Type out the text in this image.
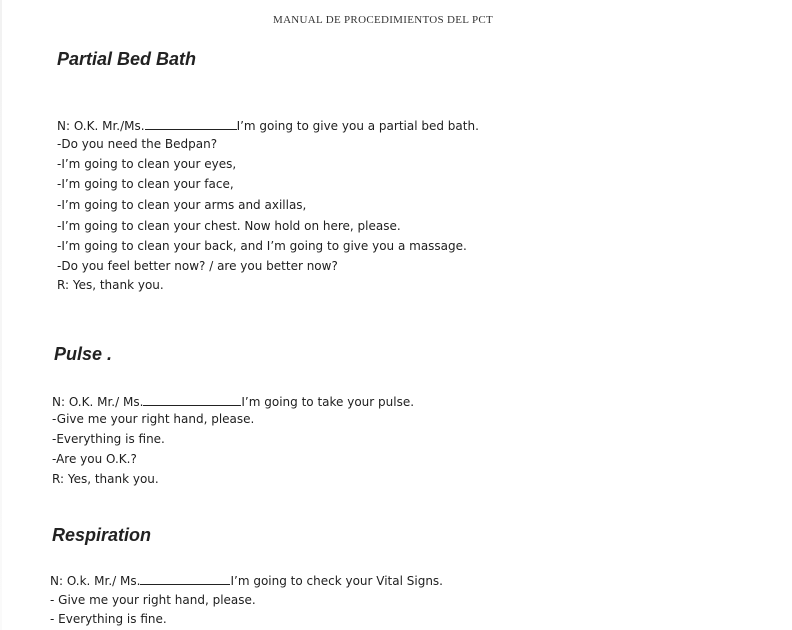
MANUAL DE PROCEDIMIENTOS DEL PCT
Partial Bed Bath
N: O.K. Mr./Ms.	I’m going to give you a partial bed bath.
-Do you need the Bedpan?
-I’m going to clean your eyes,
-I’m going to clean your face,
-I’m going to clean your arms and axillas,
-I’m going to clean your chest. Now hold on here, please.
-I’m going to clean your back, and I’m going to give you a massage.
-Do you feel better now? / are you better now?
R: Yes, thank you.
Pulse .
N: O.K. Mr./ Ms.	I’m going to take your pulse.
-Give me your right hand, please.
-Everything is fine.
-Are you O.K.?
R: Yes, thank you.
Respiration
N: O.k. Mr./ Ms.	I’m going to check your Vital Signs.
- Give me your right hand, please.
- Everything is fine.
